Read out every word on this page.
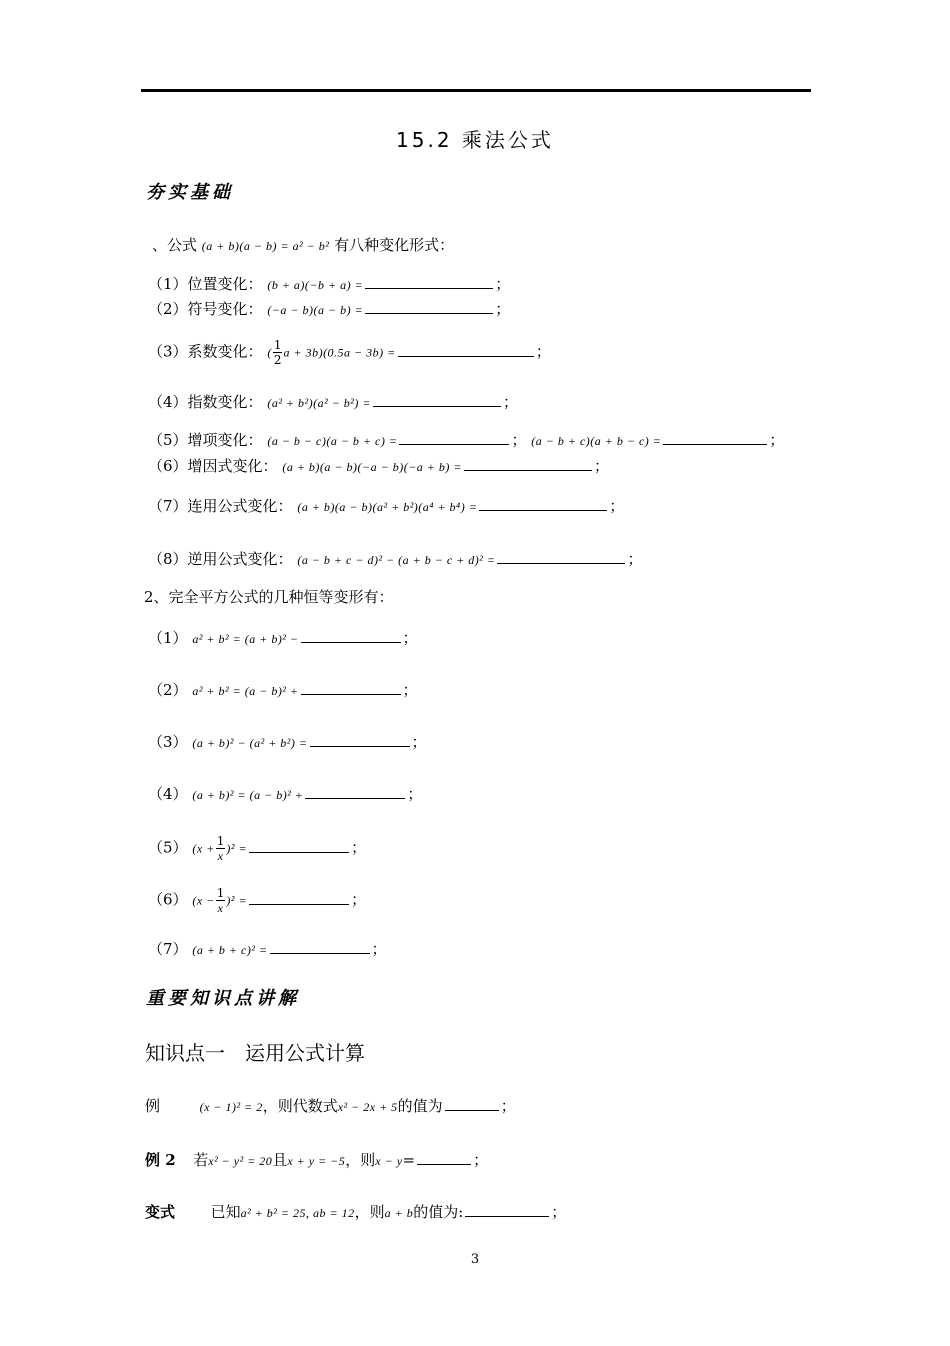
15.2 乘法公式
夯实基础
、公式 (a + b)(a − b) = a² − b² 有八种变化形式：
（1）位置变化： (b + a)(−b + a) =	；
（2）符号变化： (−a − b)(a − b) =	；
（3）系数变化： ( $\frac{1}{2}$ a + 3b)(0.5a − 3b) =	；
（4）指数变化： (a² + b²)(a² − b²) =	；
（5）增项变化： (a − b − c)(a − b + c) =	； (a − b + c)(a + b − c) =	；
（6）增因式变化： (a + b)(a − b)(−a − b)(−a + b) =	；
（7）连用公式变化： (a + b)(a − b)(a² + b²)(a⁴ + b⁴) =	；
（8）逆用公式变化： (a − b + c − d)² − (a + b − c + d)² =	；
2、完全平方公式的几种恒等变形有：
（1） a² + b² = (a + b)² −	；
（2） a² + b² = (a − b)² +	；
（3） (a + b)² − (a² + b²) =	；
（4） (a + b)² = (a − b)² +	；
（5） $(x + \frac{1}{x} )^2$ =	；
（6） $(x - \frac{1}{x} )^2$ =	；
（7） (a + b + c)² =	；
重要知识点讲解
知识点一　运用公式计算
例	(x − 1)² = 2，则代数式x² − 2x + 5的值为	；
例 2 若x² − y² = 20且x + y = −5，则x − y=	；
变式 已知a² + b² = 25, ab = 12，则a + b的值为:	；
3
